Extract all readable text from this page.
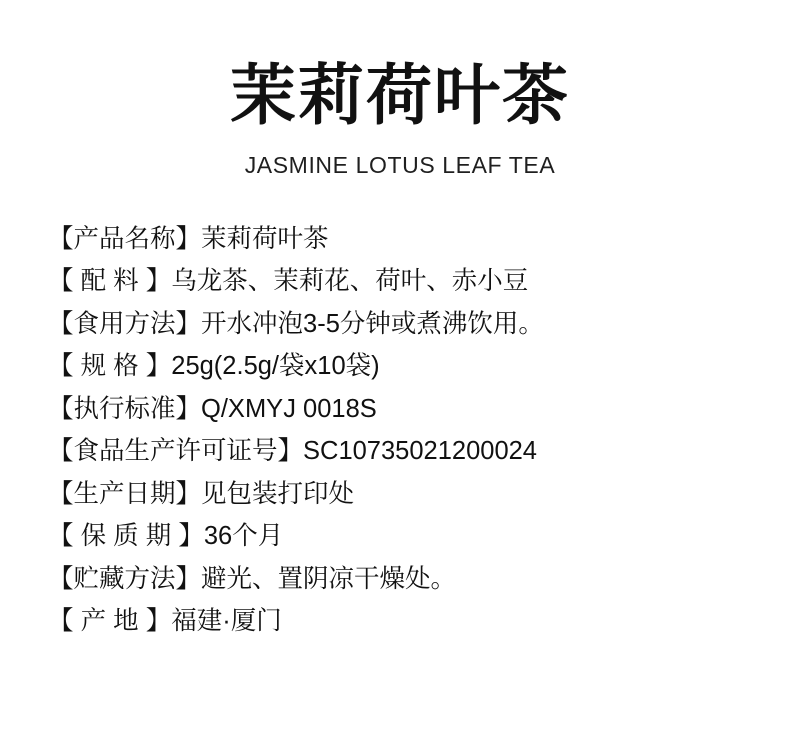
茉莉荷叶茶
JASMINE LOTUS LEAF TEA
【产品名称】 茉莉荷叶茶
【 配 料 】 乌龙茶、茉莉花、荷叶、赤小豆
【食用方法】 开水冲泡3-5分钟或煮沸饮用。
【 规 格 】 25g(2.5g/袋x10袋)
【执行标准】 Q/XMYJ 0018S
【食品生产许可证号】 SC10735021200024
【生产日期】 见包装打印处
【 保 质 期 】 36个月
【贮藏方法】 避光、置阴凉干燥处。
【 产 地 】 福建·厦门
